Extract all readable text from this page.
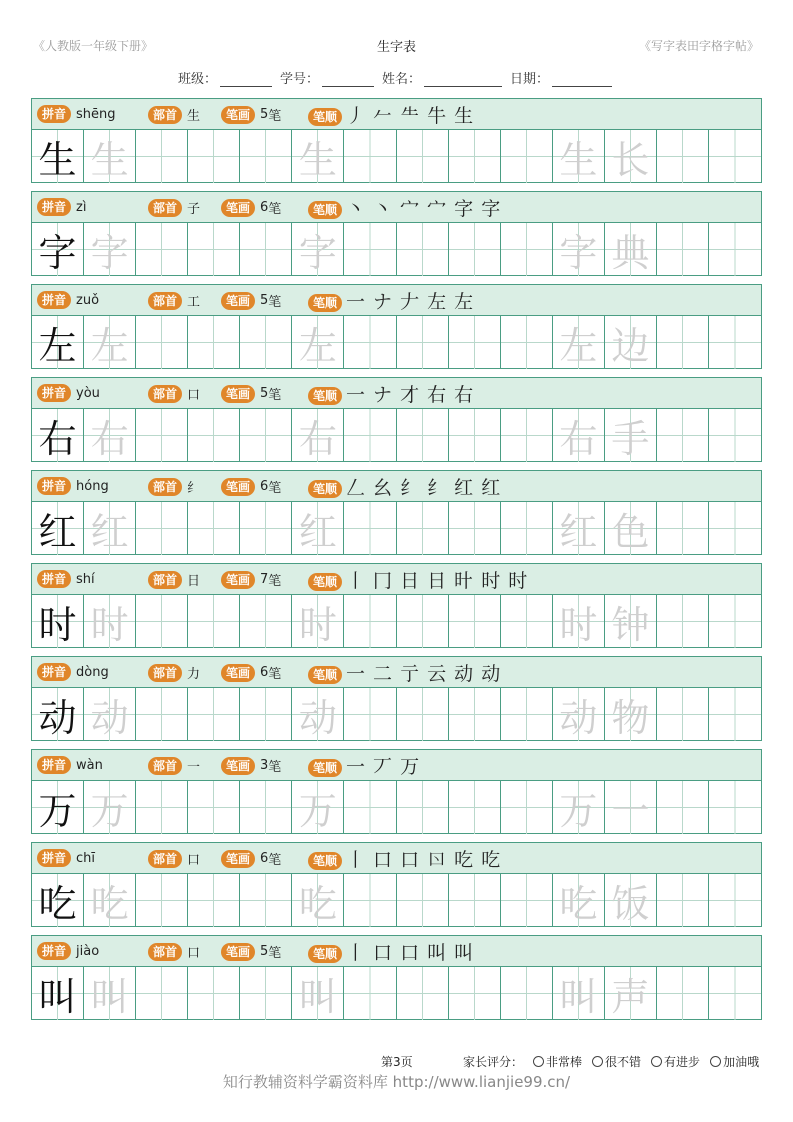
《人教版一年级下册》	生字表	《写字表田字格字帖》
班级：	学号：	姓名：	日期：
拼音 shēng	部首 生	笔画 5 笔	笔顺 丿 𠂉 ⺧ 牛 生
生 生	生	生 长
拼音 zì	部首 子	笔画 6 笔	笔顺 丶 丶 宀 宀 字 字
字 字	字	字 典
拼音 zuǒ	部首 工	笔画 5 笔	笔顺 一 ナ 𠂇 左 左
左 左	左	左 边
拼音 yòu	部首 口	笔画 5 笔	笔顺 一 ナ 才 右 右
右 右	右	右 手
拼音 hóng	部首 纟	笔画 6 笔	笔顺 𠃋 幺 纟 纟 红 红
红 红	红	红 色
拼音 shí	部首 日	笔画 7 笔	笔顺 丨 冂 日 日 旪 时 时
时 时	时	时 钟
拼音 dòng	部首 力	笔画 6 笔	笔顺 一 二 亍 云 动 动
动 动	动	动 物
拼音 wàn	部首 一	笔画 3 笔	笔顺 一 丆 万
万 万	万	万 一
拼音 chī	部首 口	笔画 6 笔	笔顺 丨 口 口 𠮚 吃 吃
吃 吃	吃	吃 饭
拼音 jiào	部首 口	笔画 5 笔	笔顺 丨 口 口 叫 叫
叫 叫	叫	叫 声
第3页	家长评分： 非常棒 很不错 有进步 加油哦
知行教辅资料学霸资料库 http://www.lianjie99.cn/
